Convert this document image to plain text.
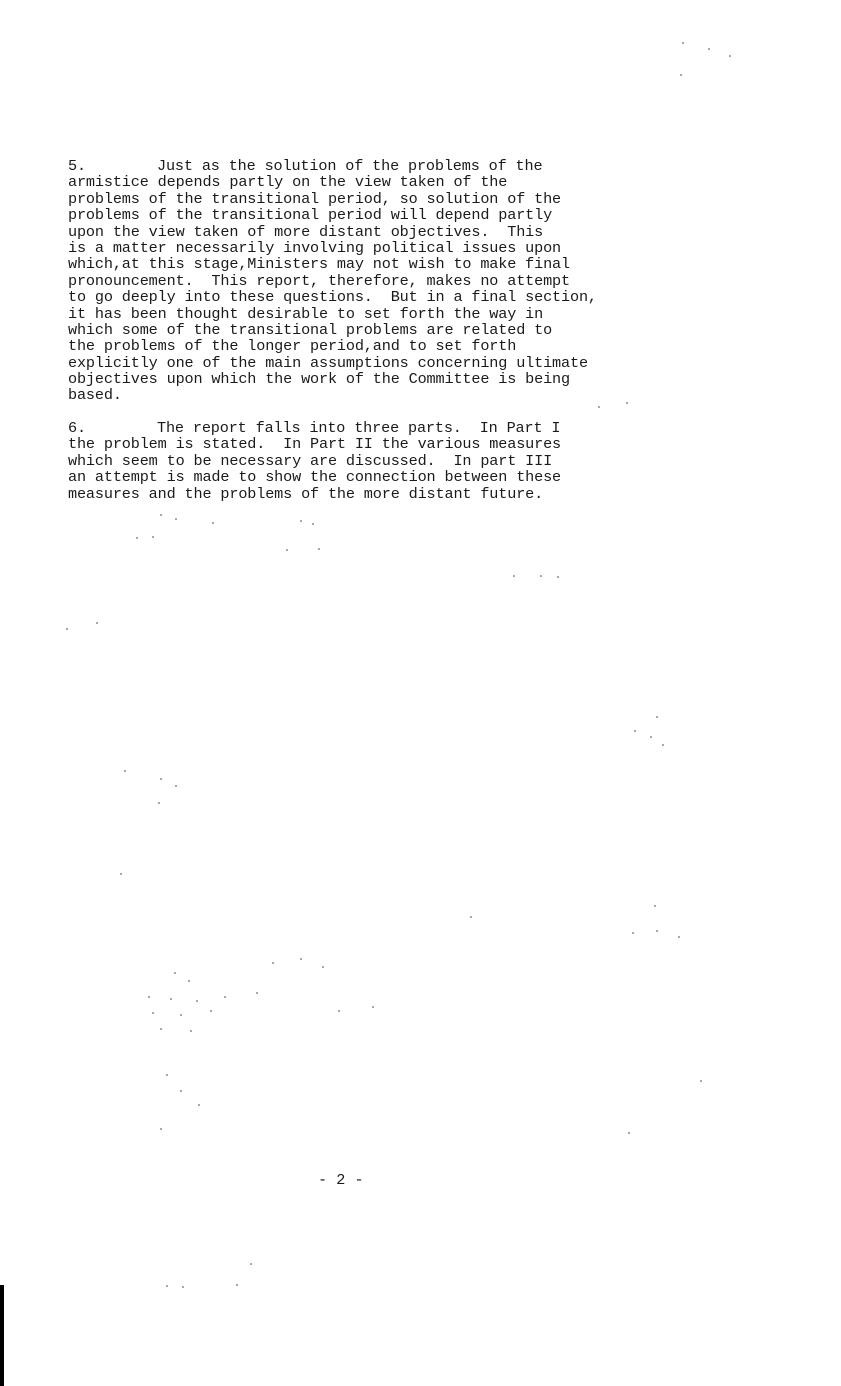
5.	Just as the solution of the problems of the
armistice depends partly on the view taken of the
problems of the transitional period, so solution of the
problems of the transitional period will depend partly
upon the view taken of more distant objectives.  This
is a matter necessarily involving political issues upon
which,at this stage,Ministers may not wish to make final
pronouncement.  This report, therefore, makes no attempt
to go deeply into these questions.  But in a final section,
it has been thought desirable to set forth the way in
which some of the transitional problems are related to
the problems of the longer period,and to set forth
explicitly one of the main assumptions concerning ultimate
objectives upon which the work of the Committee is being
based.
6.	The report falls into three parts.  In Part I
the problem is stated.  In Part II the various measures
which seem to be necessary are discussed.  In part III
an attempt is made to show the connection between these
measures and the problems of the more distant future.
- 2 -
